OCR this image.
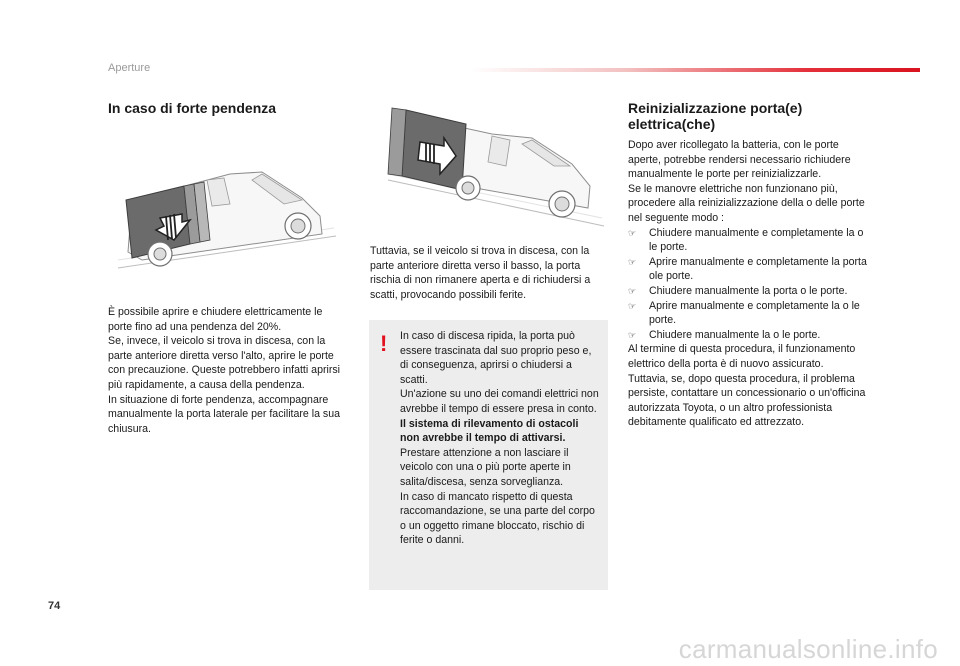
Aperture
In caso di forte pendenza

È possibile aprire e chiudere elettricamente le porte fino ad una pendenza del 20%.

Se, invece, il veicolo si trova in discesa, con la parte anteriore diretta verso l'alto, aprire le porte con precauzione. Queste potrebbero infatti aprirsi più rapidamente, a causa della pendenza.

In situazione di forte pendenza, accompagnare manualmente la porta laterale per facilitare la sua chiusura.

Tuttavia, se il veicolo si trova in discesa, con la parte anteriore diretta verso il basso, la porta rischia di non rimanere aperta e di richiudersi a scatti, provocando possibili ferite.

! In caso di discesa ripida, la porta può essere trascinata dal suo proprio peso e, di conseguenza, aprirsi o chiudersi a scatti.

Un'azione su uno dei comandi elettrici non avrebbe il tempo di essere presa in conto.

Il sistema di rilevamento di ostacoli non avrebbe il tempo di attivarsi.

Prestare attenzione a non lasciare il veicolo con una o più porte aperte in salita/discesa, senza sorveglianza.

In caso di mancato rispetto di questa raccomandazione, se una parte del corpo o un oggetto rimane bloccato, rischio di ferite o danni.

Reinizializzazione porta(e) elettrica(che)

Dopo aver ricollegato la batteria, con le porte aperte, potrebbe rendersi necessario richiudere manualmente le porte per reinizializzarle.

Se le manovre elettriche non funzionano più, procedere alla reinizializzazione della o delle porte nel seguente modo :

☞ Chiudere manualmente e completamente la o le porte.
☞ Aprire manualmente e completamente la porta ole porte.
☞ Chiudere manualmente la porta o le porte.
☞ Aprire manualmente e completamente la o le porte.
☞ Chiudere manualmente la o le porte.

Al termine di questa procedura, il funzionamento elettrico della porta è di nuovo assicurato.

Tuttavia, se, dopo questa procedura, il problema persiste, contattare un concessionario o un'officina autorizzata Toyota, o un altro professionista debitamente qualificato ed attrezzato.

74
carmanualsonline.info
